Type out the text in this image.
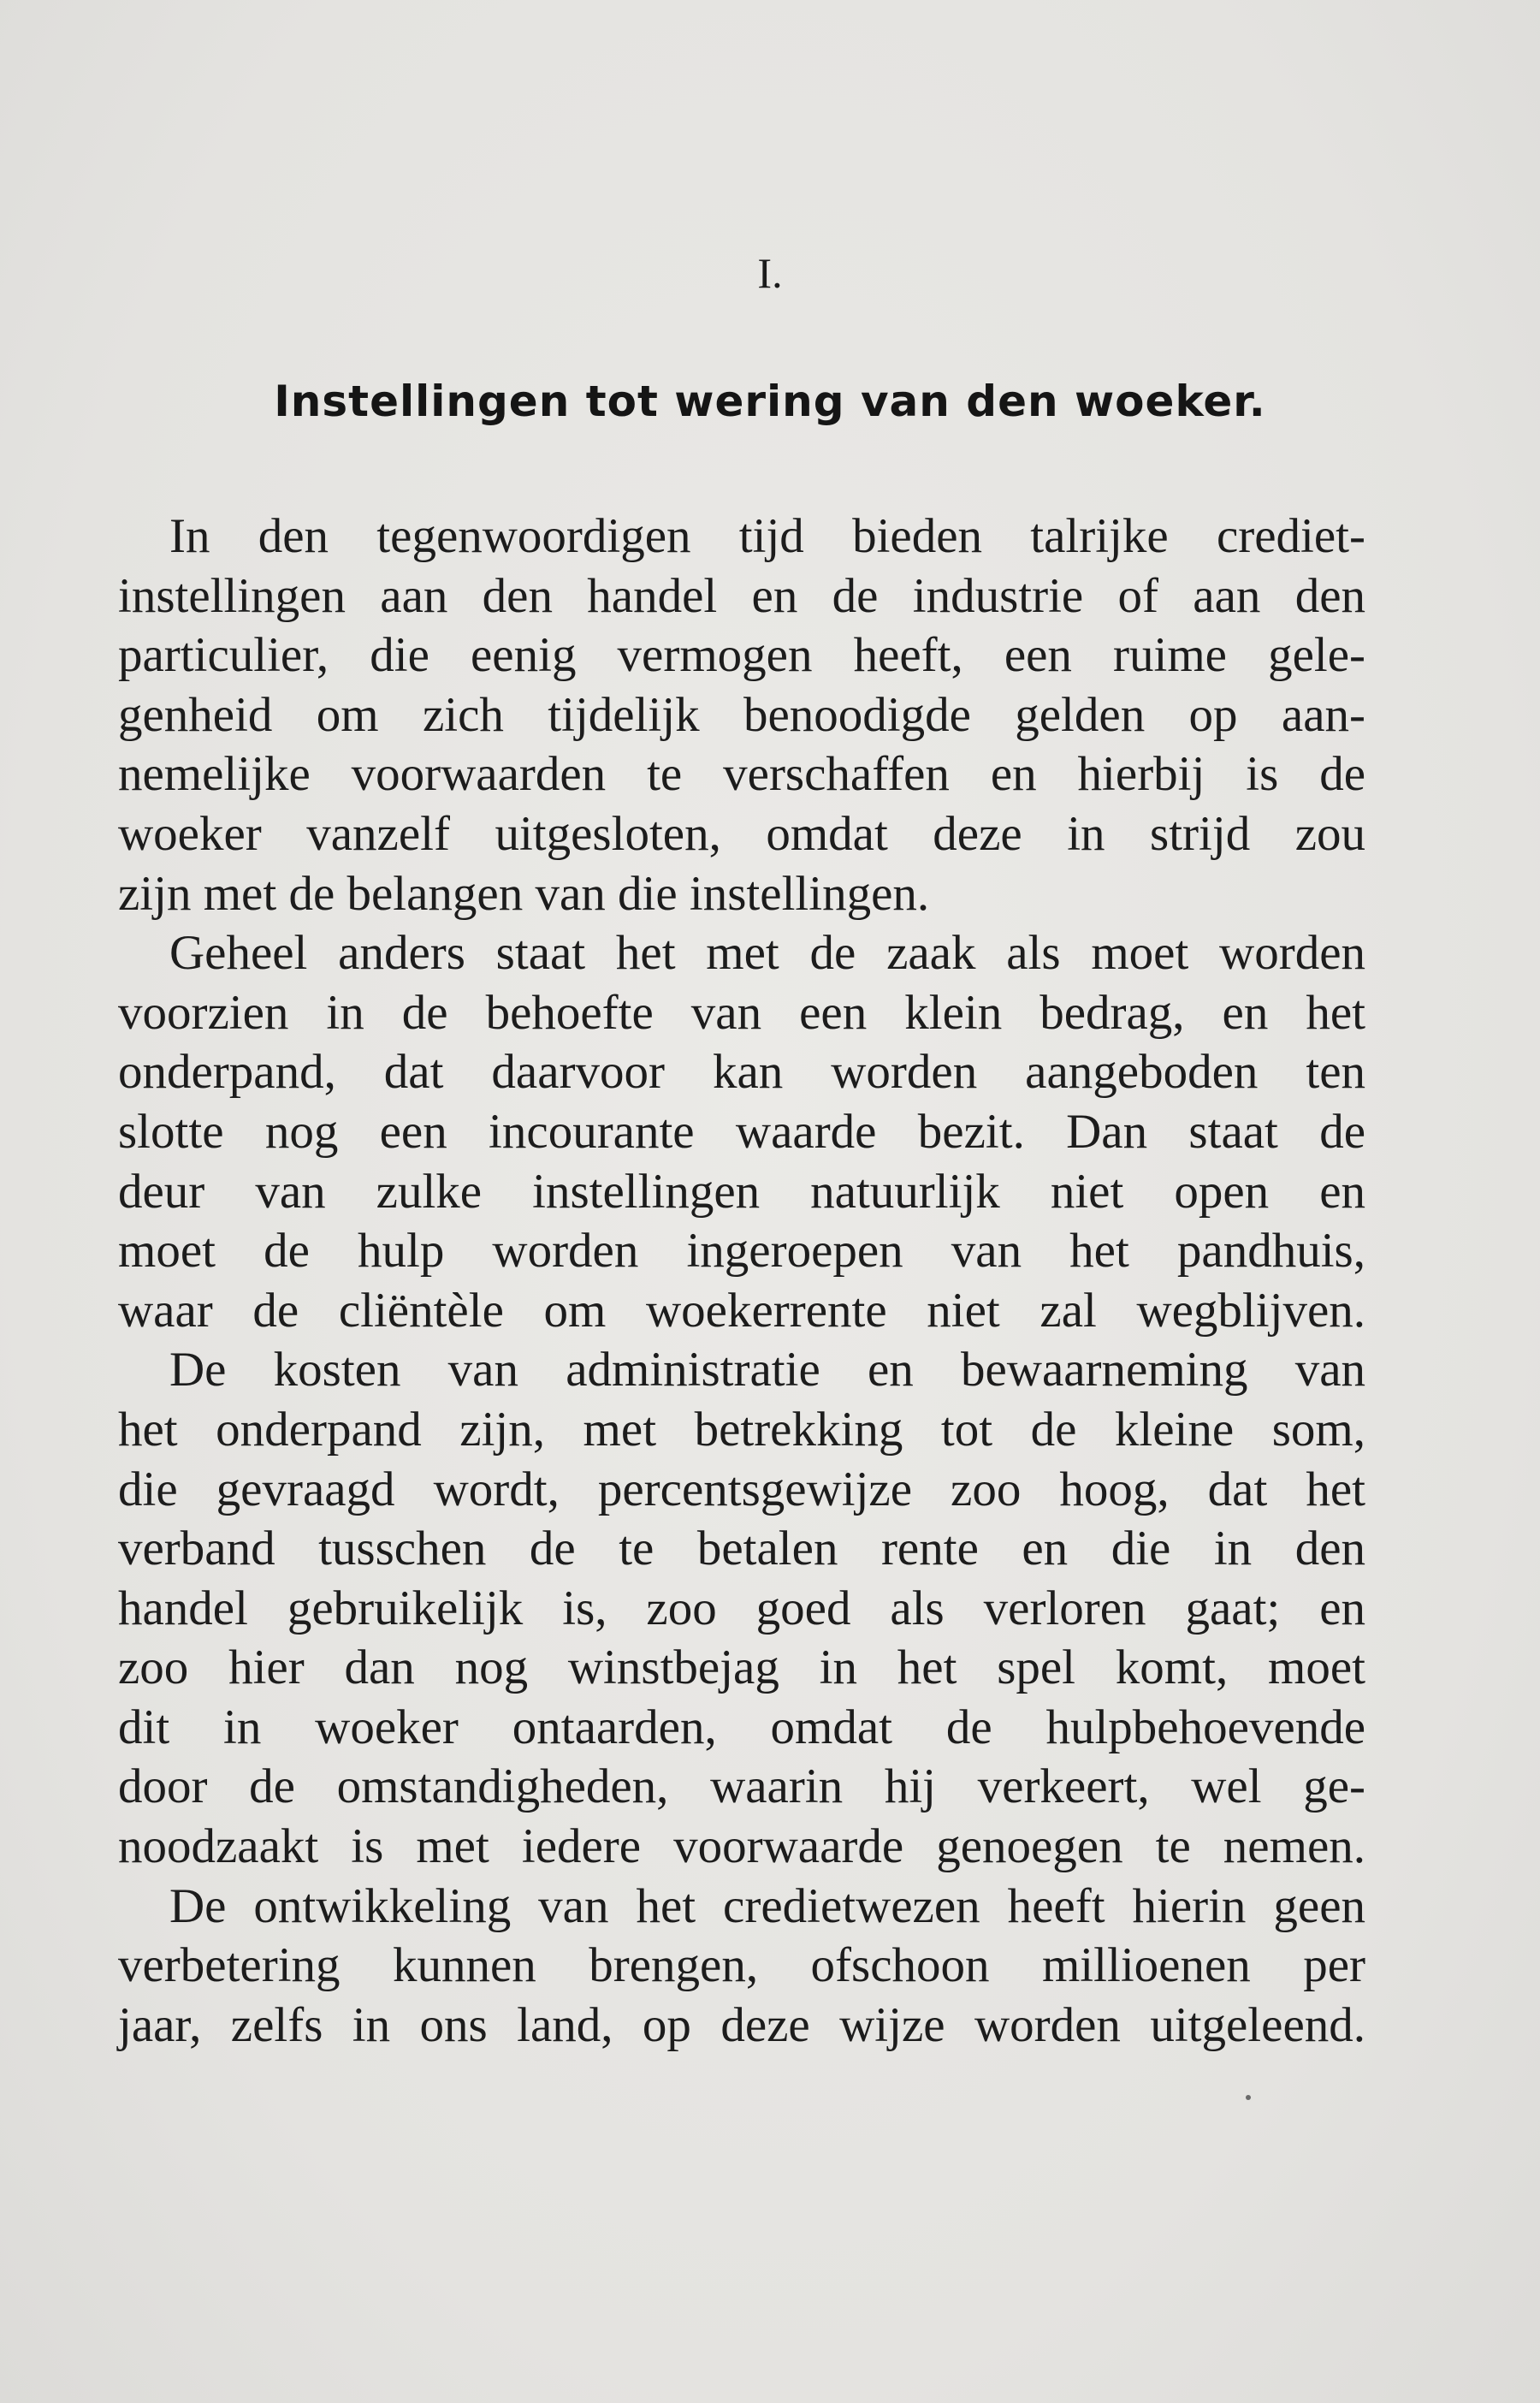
I.
Instellingen tot wering van den woeker.
In den tegenwoordigen tijd bieden talrijke crediet-
instellingen aan den handel en de industrie of aan den
particulier, die eenig vermogen heeft, een ruime gele-
genheid om zich tijdelijk benoodigde gelden op aan-
nemelijke voorwaarden te verschaffen en hierbij is de
woeker vanzelf uitgesloten, omdat deze in strijd zou
zijn met de belangen van die instellingen.
Geheel anders staat het met de zaak als moet worden
voorzien in de behoefte van een klein bedrag, en het
onderpand, dat daarvoor kan worden aangeboden ten
slotte nog een incourante waarde bezit. Dan staat de
deur van zulke instellingen natuurlijk niet open en
moet de hulp worden ingeroepen van het pandhuis,
waar de cliëntèle om woekerrente niet zal wegblijven.
De kosten van administratie en bewaarneming van
het onderpand zijn, met betrekking tot de kleine som,
die gevraagd wordt, percentsgewijze zoo hoog, dat het
verband tusschen de te betalen rente en die in den
handel gebruikelijk is, zoo goed als verloren gaat; en
zoo hier dan nog winstbejag in het spel komt, moet
dit in woeker ontaarden, omdat de hulpbehoevende
door de omstandigheden, waarin hij verkeert, wel ge-
noodzaakt is met iedere voorwaarde genoegen te nemen.
De ontwikkeling van het credietwezen heeft hierin geen
verbetering kunnen brengen, ofschoon millioenen per
jaar, zelfs in ons land, op deze wijze worden uitgeleend.
